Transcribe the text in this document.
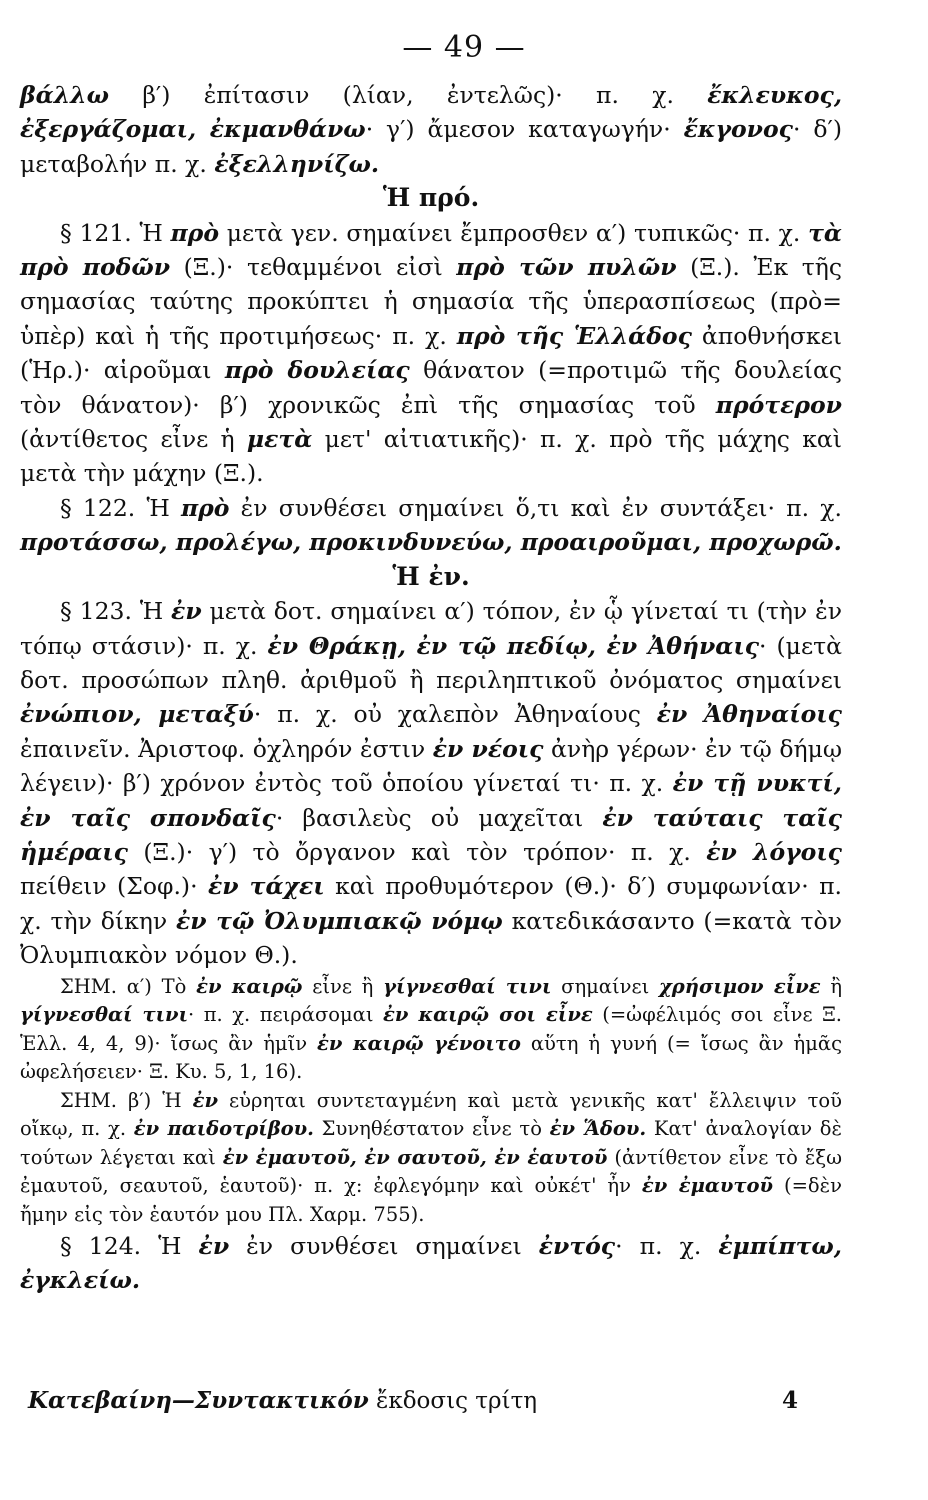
— 49 —

βάλλω β′) ἐπίτασιν (λίαν, ἐντελῶς)· π. χ. ἔκλευκος, ἐξεργάζομαι, ἐκμανθάνω· γ′) ἄμεσον καταγωγήν· ἔκγονος· δ′) μεταβολήν π. χ. ἐξελληνίζω.

Ἡ πρό.

§ 121. Ἡ πρὸ μετὰ γεν. σημαίνει ἔμπροσθεν α′) τυπικῶς· π. χ. τὰ πρὸ ποδῶν (Ξ.)· τεθαμμένοι εἰσὶ πρὸ τῶν πυλῶν (Ξ.). Ἐκ τῆς σημασίας ταύτης προκύπτει ἡ σημασία τῆς ὑπερασπίσεως (πρὸ= ὑπὲρ) καὶ ἡ τῆς προτιμήσεως· π. χ. πρὸ τῆς Ἑλλάδος ἀποθνήσκει (Ἡρ.)· αἱροῦμαι πρὸ δουλείας θάνατον (=προτιμῶ τῆς δουλείας τὸν θάνατον)· β′) χρονικῶς ἐπὶ τῆς σημασίας τοῦ πρότερον (ἀντίθετος εἶνε ἡ μετὰ μετ' αἰτιατικῆς)· π. χ. πρὸ τῆς μάχης καὶ μετὰ τὴν μάχην (Ξ.).

§ 122. Ἡ πρὸ ἐν συνθέσει σημαίνει ὅ,τι καὶ ἐν συντάξει· π. χ. προτάσσω, προλέγω, προκινδυνεύω, προαιροῦμαι, προχωρῶ.

Ἡ ἐν.

§ 123. Ἡ ἐν μετὰ δοτ. σημαίνει α′) τόπον, ἐν ᾧ γίνεταί τι (τὴν ἐν τόπῳ στάσιν)· π. χ. ἐν Θράκῃ, ἐν τῷ πεδίῳ, ἐν Ἀθήναις· (μετὰ δοτ. προσώπων πληθ. ἀριθμοῦ ἢ περιληπτικοῦ ὀνόματος σημαίνει ἐνώπιον, μεταξύ· π. χ. οὐ χαλεπὸν Ἀθηναίους ἐν Ἀθηναίοις ἐπαινεῖν. Ἀριστοφ. ὀχληρόν ἐστιν ἐν νέοις ἀνὴρ γέρων· ἐν τῷ δήμῳ λέγειν)· β′) χρόνον ἐντὸς τοῦ ὁποίου γίνεταί τι· π. χ. ἐν τῇ νυκτί, ἐν ταῖς σπονδαῖς· βασιλεὺς οὐ μαχεῖται ἐν ταύταις ταῖς ἡμέραις (Ξ.)· γ′) τὸ ὄργανον καὶ τὸν τρόπον· π. χ. ἐν λόγοις πείθειν (Σοφ.)· ἐν τάχει καὶ προθυμότερον (Θ.)· δ′) συμφωνίαν· π. χ. τὴν δίκην ἐν τῷ Ὀλυμπιακῷ νόμῳ κατεδικάσαντο (=κατὰ τὸν Ὀλυμπιακὸν νόμον Θ.).

ΣΗΜ. α′) Τὸ ἐν καιρῷ εἶνε ἢ γίγνεσθαί τινι σημαίνει χρήσιμον εἶνε ἢ γίγνεσθαί τινι· π. χ. πειράσομαι ἐν καιρῷ σοι εἶνε (=ὠφέλιμός σοι εἶνε Ξ. Ἑλλ. 4, 4, 9)· ἴσως ἂν ἡμῖν ἐν καιρῷ γένοιτο αὕτη ἡ γυνή (= ἴσως ἂν ἡμᾶς ὠφελήσειεν· Ξ. Κυ. 5, 1, 16).

ΣΗΜ. β′) Ἡ ἐν εὑρηται συντεταγμένη καὶ μετὰ γενικῆς κατ' ἔλλειψιν τοῦ οἴκῳ, π. χ. ἐν παιδοτρίβου. Συνηθέστατον εἶνε τὸ ἐν Ἅδου. Κατ' ἀναλογίαν δὲ τούτων λέγεται καὶ ἐν ἐμαυτοῦ, ἐν σαυτοῦ, ἐν ἑαυτοῦ (ἀντίθετον εἶνε τὸ ἔξω ἐμαυτοῦ, σεαυτοῦ, ἑαυτοῦ)· π. χ: ἐφλεγόμην καὶ οὐκέτ' ἦν ἐν ἐμαυτοῦ (=δὲν ἤμην εἰς τὸν ἑαυτόν μου Πλ. Χαρμ. 755).

§ 124. Ἡ ἐν ἐν συνθέσει σημαίνει ἐντός· π. χ. ἐμπίπτω, ἐγκλείω.

Κατεβαίνη—Συντακτικόν ἔκδοσις τρίτη	4
